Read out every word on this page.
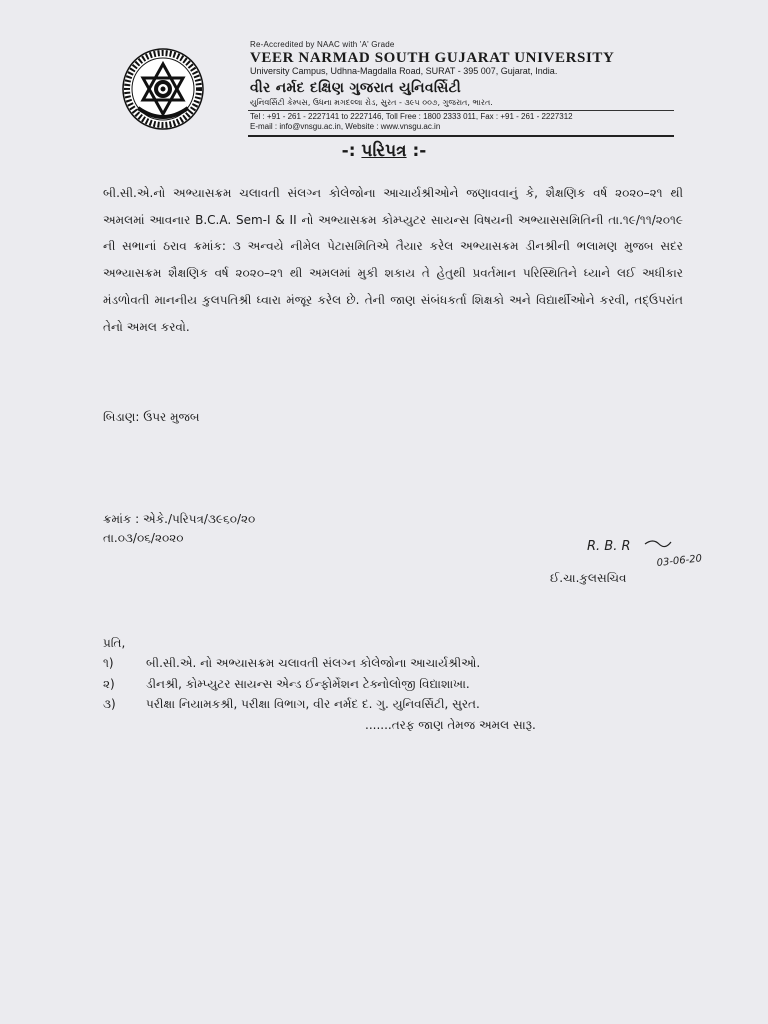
Re-Accredited by NAAC with 'A' Grade
VEER NARMAD SOUTH GUJARAT UNIVERSITY
University Campus, Udhna-Magdalla Road, SURAT - 395 007, Gujarat, India.
વીર નર્મદ દક્ષિણ ગુજરાત યુનિવર્સિટી
યુનિવર્સિટી કેમ્પસ, ઉધના મગદલ્લા રોડ, સુરત - ૩૯૫ ૦૦૭, ગુજરાત, ભારત.
Tel : +91 - 261 - 2227141 to 2227146, Toll Free : 1800 2333 011, Fax : +91 - 261 - 2227312
E-mail : info@vnsgu.ac.in, Website : www.vnsgu.ac.in
-: પરિપત્ર :-
બી.સી.એ.નો અભ્યાસક્રમ ચલાવતી સંલગ્ન કોલેજોના આચાર્યશ્રીઓને જણાવવાનું કે, શૈક્ષણિક વર્ષ ૨૦૨૦–૨૧ થી અમલમાં આવનાર B.C.A. Sem-I & II નો અભ્યાસક્રમ કોમ્પ્યુટર સાયન્સ વિષયની અભ્યાસસમિતિની તા.૧૯/૧૧/૨૦૧૯ ની સભાનાં ઠરાવ ક્રમાંક: ૩ અન્વયે નીમેલ પેટાસમિતિએ તૈયાર કરેલ અભ્યાસક્રમ ડીનશ્રીની ભલામણ મુજબ સદર અભ્યાસક્રમ શૈક્ષણિક વર્ષ ૨૦૨૦–૨૧ થી અમલમાં મુકી શકાય તે હેતુથી પ્રવર્તમાન પરિસ્થિતિને ધ્યાને લઈ અધીકાર મંડળોવતી માનનીય કુલપતિશ્રી ધ્વારા મંજૂર કરેલ છે. તેની જાણ સંબંધકર્તા શિક્ષકો અને વિદ્યાર્થીઓને કરવી, તદ્ઉપરાંત તેનો અમલ કરવો.
બિડાણ: ઉપર મુજબ
ક્રમાંક : એકે./પરિપત્ર/૩૯૬૦/૨૦
તા.૦૩/૦૬/૨૦૨૦
R. B. R
03-06-20
ઈ.ચા.કુલસચિવ
પ્રતિ,
૧)	બી.સી.એ. નો અભ્યાસક્રમ ચલાવતી સંલગ્ન કોલેજોના આચાર્યશ્રીઓ.
૨)	ડીનશ્રી, કોમ્પ્યુટર સાયન્સ એન્ડ ઈન્ફોર્મેશન ટેક્નોલોજી વિદ્યાશાખા.
૩)	પરીક્ષા નિયામકશ્રી, પરીક્ષા વિભાગ, વીર નર્મદ દ. ગુ. યુનિવર્સિટી, સુરત.
.......તરફ જાણ તેમજ અમલ સારૂ.
